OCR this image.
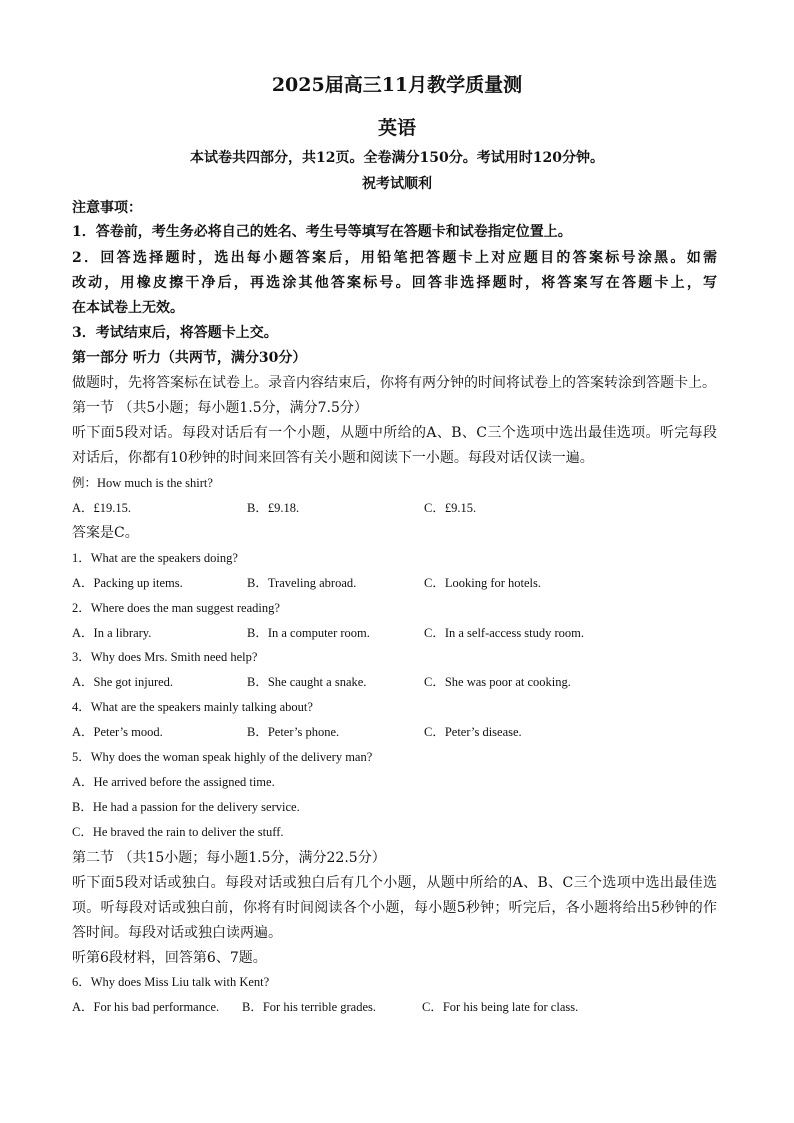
2025届高三11月教学质量测
英语
本试卷共四部分，共12页。全卷满分150分。考试用时120分钟。
祝考试顺利
注意事项：
1．答卷前，考生务必将自己的姓名、考生号等填写在答题卡和试卷指定位置上。
2．回答选择题时，选出每小题答案后，用铅笔把答题卡上对应题目的答案标号涂黑。如需
改动，用橡皮擦干净后，再选涂其他答案标号。回答非选择题时，将答案写在答题卡上，写
在本试卷上无效。
3．考试结束后，将答题卡上交。
第一部分 听力（共两节，满分30分）
做题时，先将答案标在试卷上。录音内容结束后，你将有两分钟的时间将试卷上的答案转涂到答题卡上。
第一节 （共5小题；每小题1.5分，满分7.5分）
听下面5段对话。每段对话后有一个小题，从题中所给的A、B、C三个选项中选出最佳选项。听完每段
对话后，你都有10秒钟的时间来回答有关小题和阅读下一小题。每段对话仅读一遍。
例：How much is the shirt?
A．£19.15.	B．£9.18.	C．£9.15.
答案是C。
1．What are the speakers doing?
A．Packing up items.	B．Traveling abroad.	C．Looking for hotels.
2．Where does the man suggest reading?
A．In a library.	B．In a computer room.	C．In a self-access study room.
3．Why does Mrs. Smith need help?
A．She got injured.	B．She caught a snake.	C．She was poor at cooking.
4．What are the speakers mainly talking about?
A．Peter’s mood.	B．Peter’s phone.	C．Peter’s disease.
5．Why does the woman speak highly of the delivery man?
A．He arrived before the assigned time.
B．He had a passion for the delivery service.
C．He braved the rain to deliver the stuff.
第二节 （共15小题；每小题1.5分，满分22.5分）
听下面5段对话或独白。每段对话或独白后有几个小题，从题中所给的A、B、C三个选项中选出最佳选
项。听每段对话或独白前，你将有时间阅读各个小题，每小题5秒钟；听完后，各小题将给出5秒钟的作
答时间。每段对话或独白读两遍。
听第6段材料，回答第6、7题。
6．Why does Miss Liu talk with Kent?
A．For his bad performance. B．For his terrible grades.	C．For his being late for class.
